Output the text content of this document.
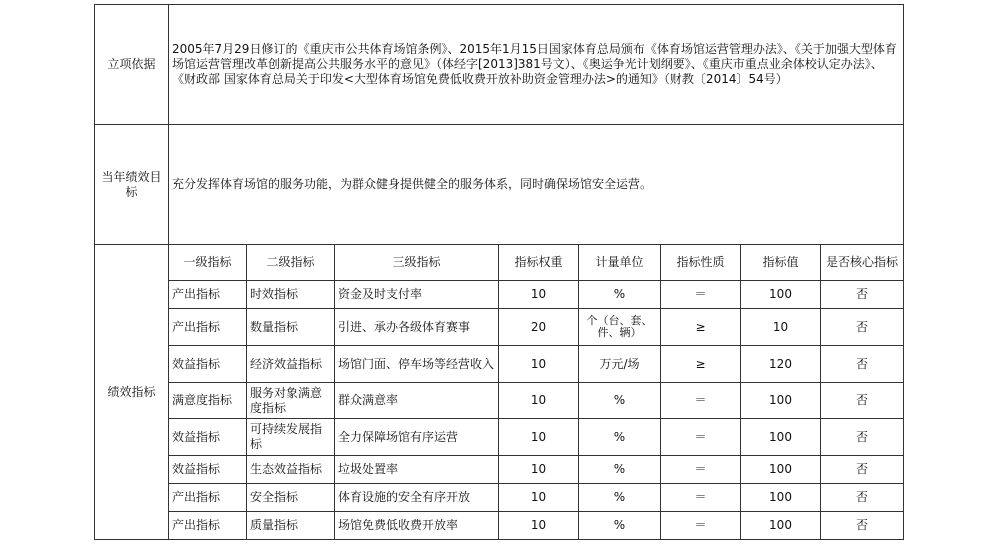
立项依据	2005年7月29日修订的《重庆市公共体育场馆条例》、2015年1月15日国家体育总局颁布《体育场馆运营管理办法》、《关于加强大型体育场馆运营管理改革创新提高公共服务水平的意见》（体经字[2013]381号文）、《奥运争光计划纲要》、《重庆市重点业余体校认定办法》、《财政部 国家体育总局关于印发<大型体育场馆免费低收费开放补助资金管理办法>的通知》（财教〔2014〕54号）							
当年绩效目标	充分发挥体育场馆的服务功能，为群众健身提供健全的服务体系，同时确保场馆安全运营。							
绩效指标	一级指标	二级指标	三级指标	指标权重	计量单位	指标性质	指标值	是否核心指标
	产出指标	时效指标	资金及时支付率	10	%	＝	100	否
	产出指标	数量指标	引进、承办各级体育赛事	20	个（台、套、件、辆）	≥	10	否
	效益指标	经济效益指标	场馆门面、停车场等经营收入	10	万元/场	≥	120	否
	满意度指标	服务对象满意度指标	群众满意率	10	%	＝	100	否
	效益指标	可持续发展指标	全力保障场馆有序运营	10	%	＝	100	否
	效益指标	生态效益指标	垃圾处置率	10	%	＝	100	否
	产出指标	安全指标	体育设施的安全有序开放	10	%	＝	100	否
	产出指标	质量指标	场馆免费低收费开放率	10	%	＝	100	否
